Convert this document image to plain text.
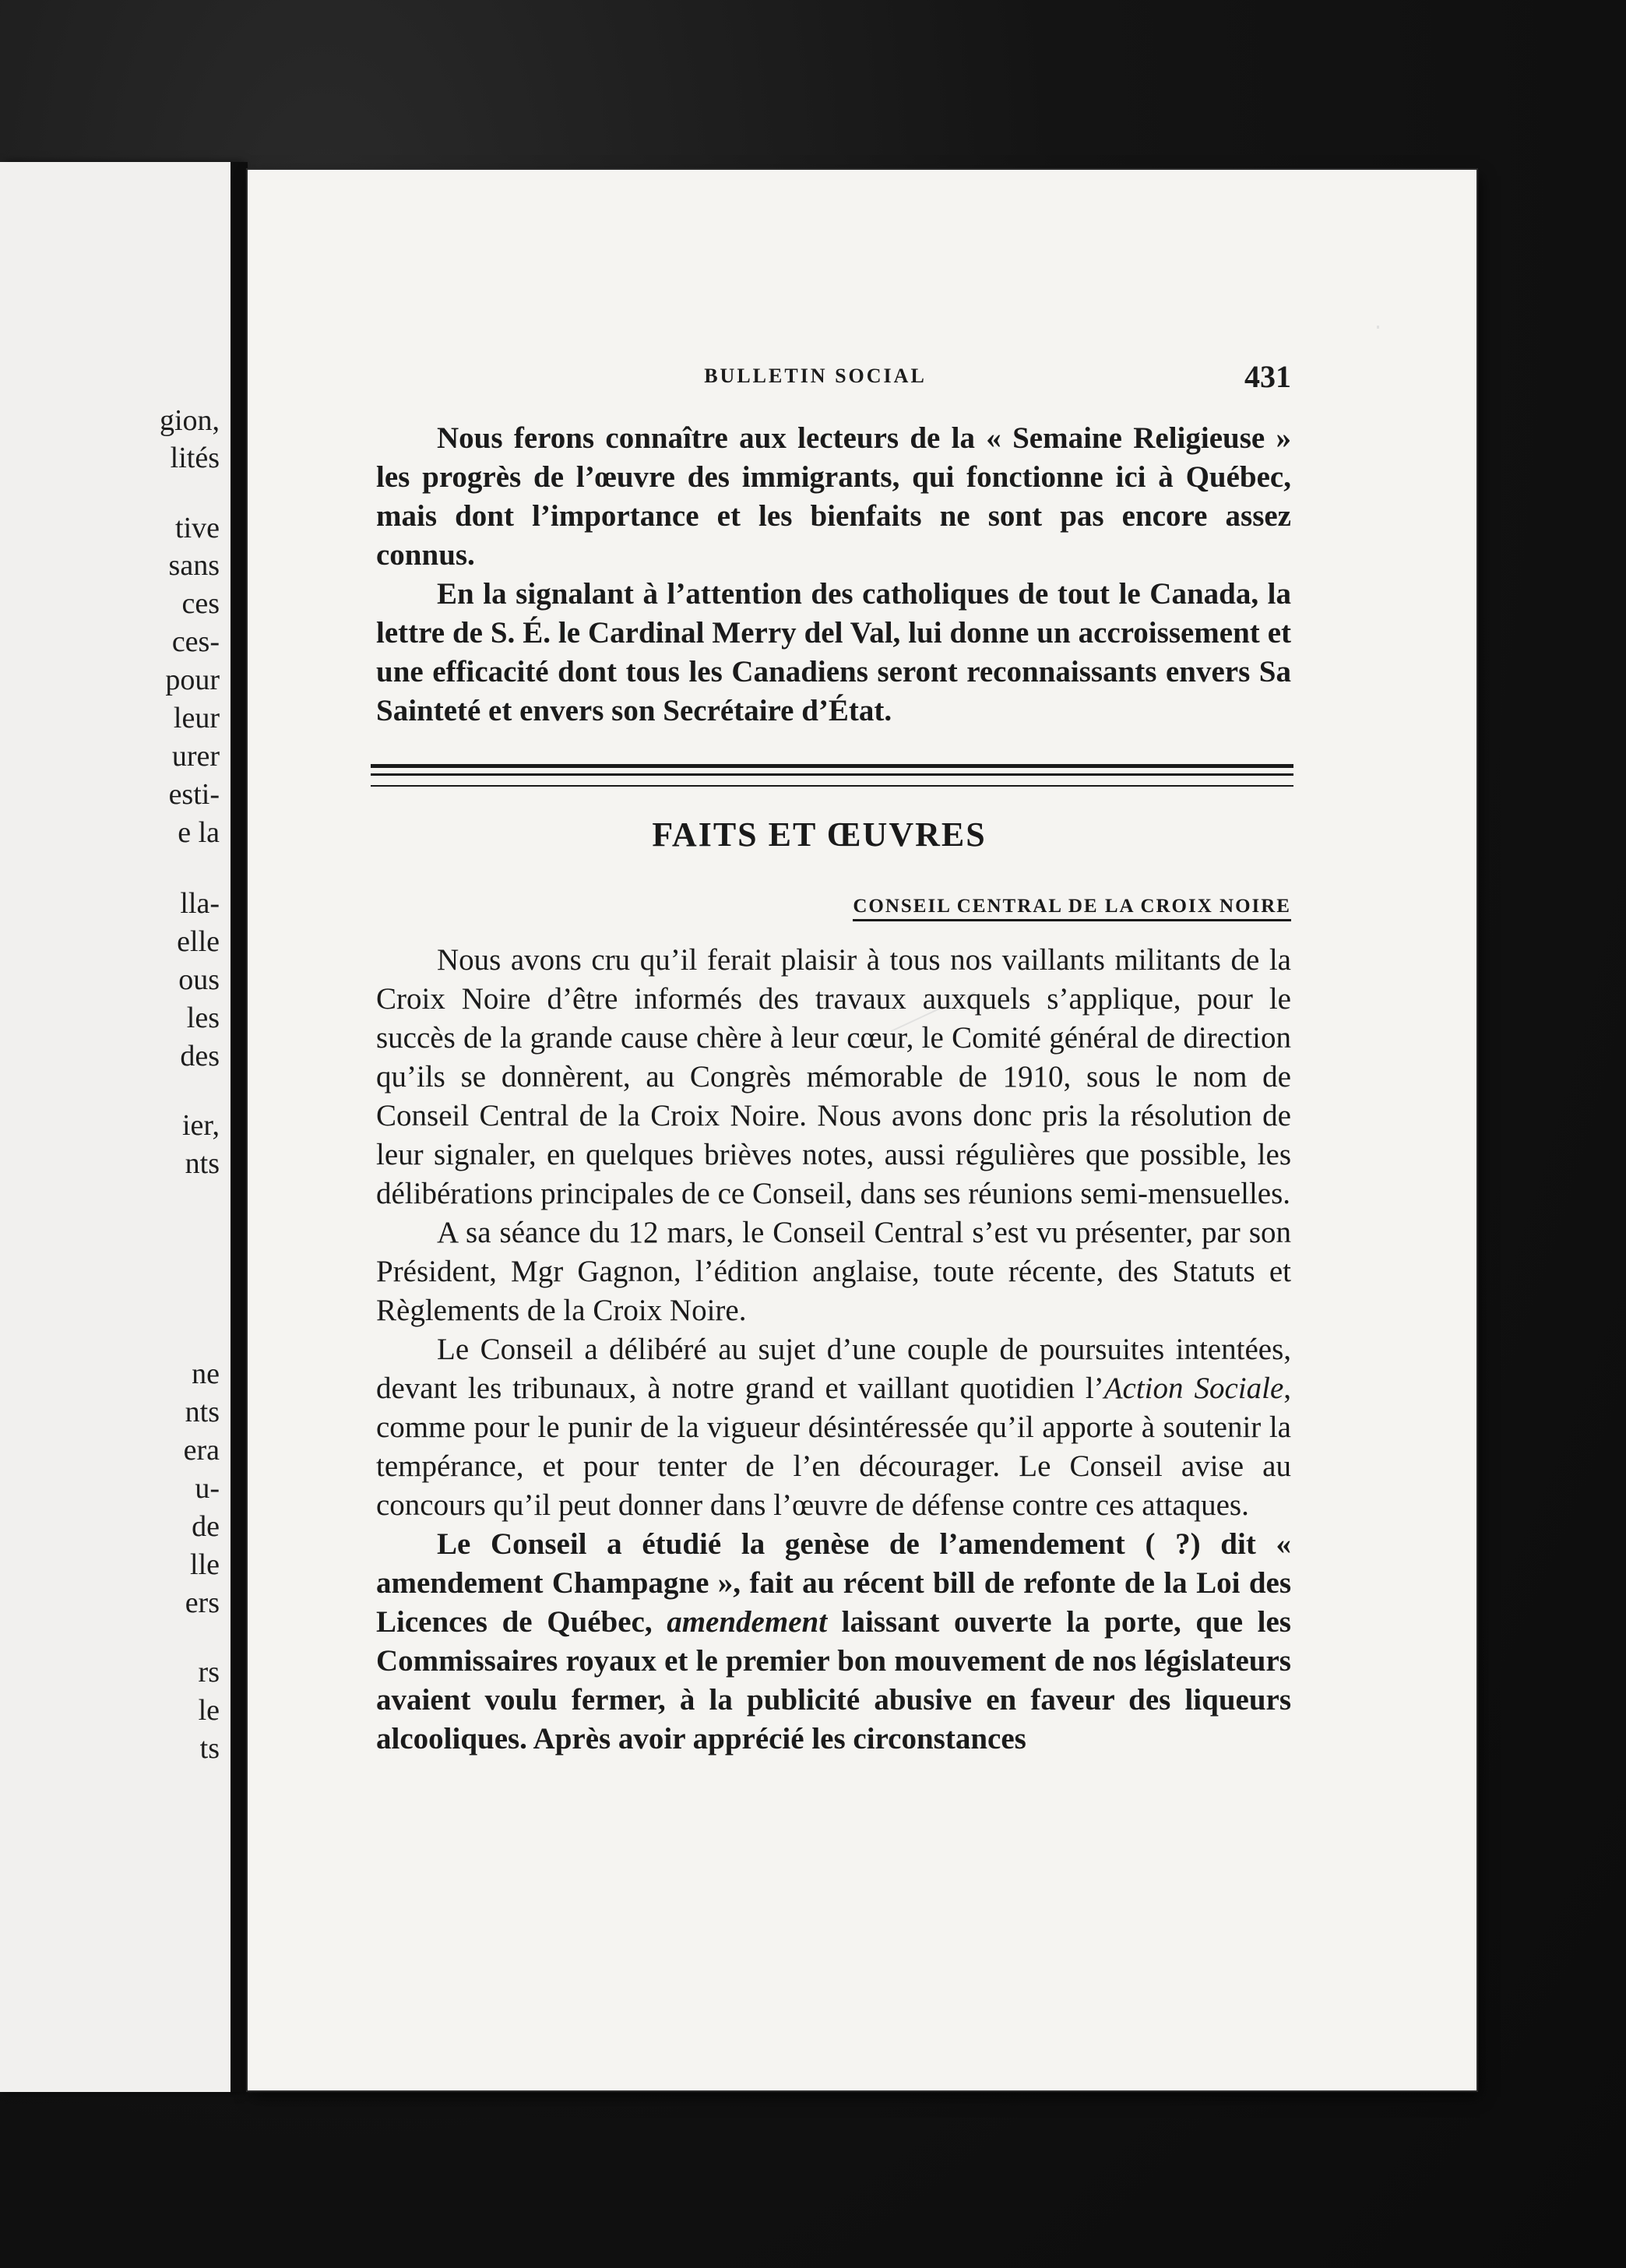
gion,
lités
tive
sans
ces
ces-
pour
leur
urer
esti-
e la
lla-
elle
ous
les
des
ier,
nts
ne
nts
era
u-
de
lle
ers
rs
le
ts
BULLETIN SOCIAL	431

Nous ferons connaître aux lecteurs de la « Semaine Religieuse » les progrès de l’œuvre des immigrants, qui fonctionne ici à Québec, mais dont l’importance et les bienfaits ne sont pas encore assez connus.

En la signalant à l’attention des catholiques de tout le Canada, la lettre de S. É. le Cardinal Merry del Val, lui donne un accroissement et une efficacité dont tous les Canadiens seront reconnaissants envers Sa Sainteté et envers son Secrétaire d’État.

FAITS ET ŒUVRES
CONSEIL CENTRAL DE LA CROIX NOIRE

Nous avons cru qu’il ferait plaisir à tous nos vaillants militants de la Croix Noire d’être informés des travaux auxquels s’applique, pour le succès de la grande cause chère à leur cœur, le Comité général de direction qu’ils se donnèrent, au Congrès mémorable de 1910, sous le nom de Conseil Central de la Croix Noire. Nous avons donc pris la résolution de leur signaler, en quelques brièves notes, aussi régulières que possible, les délibérations principales de ce Conseil, dans ses réunions semi-mensuelles.

A sa séance du 12 mars, le Conseil Central s’est vu présenter, par son Président, Mgr Gagnon, l’édition anglaise, toute récente, des Statuts et Règlements de la Croix Noire.

Le Conseil a délibéré au sujet d’une couple de poursuites intentées, devant les tribunaux, à notre grand et vaillant quotidien l’Action Sociale, comme pour le punir de la vigueur désintéressée qu’il apporte à soutenir la tempérance, et pour tenter de l’en décourager. Le Conseil avise au concours qu’il peut donner dans l’œuvre de défense contre ces attaques.

Le Conseil a étudié la genèse de l’amendement ( ?) dit « amendement Champagne », fait au récent bill de refonte de la Loi des Licences de Québec, amendement laissant ouverte la porte, que les Commissaires royaux et le premier bon mouvement de nos législateurs avaient voulu fermer, à la publicité abusive en faveur des liqueurs alcooliques. Après avoir apprécié les circonstances
